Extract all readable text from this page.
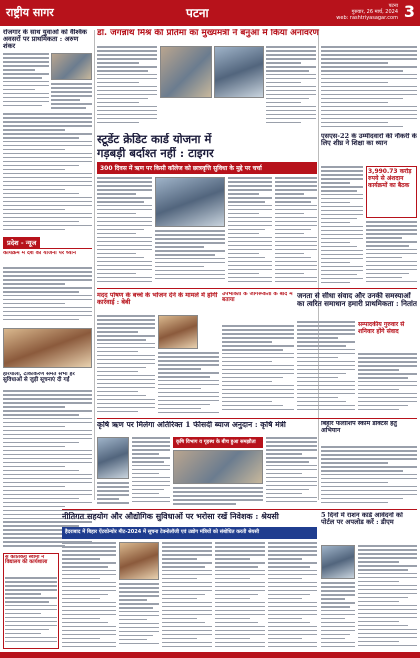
राष्ट्रीय सागर	पटना	पटना
गुरुवार, 26 मार्च, 2024
web: rashtriyasagar.com 3
रोजगार के साथ युवाओं को वैश्विक अवसरों पर प्राथमिकता : अरुण शंकर
प्रदेश - न्यूज
कार्यक्रम में देश की योजना पर ध्यान
हरियाली, टीकाकरण समेत सभी हर सुविधाओं से जुड़ी सूचनाएं दी गईं
सं कार्तिकेय स्वामी ने विद्यालय की कार्यशाला
डॉ. जगन्नाथ मिश्र की प्रतिमा का मुख्यमंत्री ने बनुआ में किया अनावरण

स्टूडेंट क्रेडिट कार्ड योजना में
गड़बड़ी बर्दाश्त नहीं : टाइगर
300 दिवस में ऋण पर किसी कॉलेज को छात्रवृत्ति सुविधा के मुद्दे पर चर्चा
एसएस-22 के उम्मीदवारों की नौकरी के लिए शीघ्र ने शिक्षा का ध्यान
3,990.73 करोड़
रुपये से अंशदान
कार्यक्रमों का बैठक
मदद पोषण के बच्चे के भोजन देने के मामले में होगी कार्रवाई : बेबी
उपभोक्ता के जागरूकता के बाद में बताया	जनता से सीधा संवाद और उनकी समस्याओं का त्वरित समाधान हमारी प्राथमिकता : नितांत
सम्पादकीय गुरुवार से शनिवार होंगे संवाद
कृषि ऋण पर मिलेगा अतिरिक्त 1 फीसदी ब्याज अनुदान : कृषि मंत्री
कृषि विभाग व गृहस्थ के बीच हुआ समझौता
बिहार फेलोशिप स्कीम डॉक्टर्स हेतु अभियान
नीतिगत सहयोग और औद्योगिक सुविधाओं पर भरोसा रखें निवेशक : श्रेयसी
हैदराबाद में बिहार ऐंटरप्रेन्योर मीट-2024 में सूचना टेक्नोलॉजी एवं उद्योग मंत्रियों को संबोधित करती श्रेयसी
5 दिनों में राशन कार्ड आवेदनों को पोर्टल पर अपलोड करें : डीएम
